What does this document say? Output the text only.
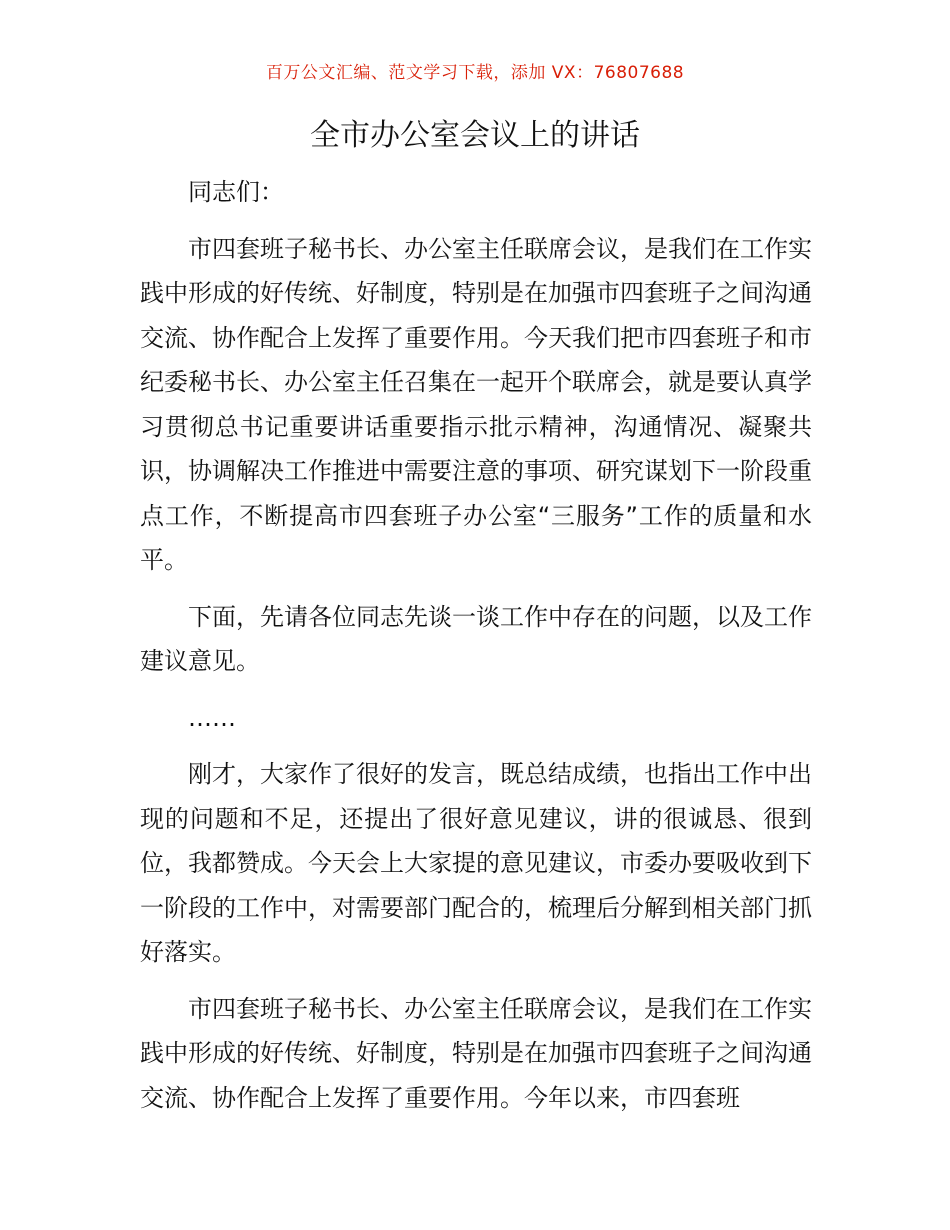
百万公文汇编、范文学习下载，添加 VX：76807688
全市办公室会议上的讲话

同志们：

市四套班子秘书长、办公室主任联席会议，是我们在工作实践中形成的好传统、好制度，特别是在加强市四套班子之间沟通交流、协作配合上发挥了重要作用。今天我们把市四套班子和市纪委秘书长、办公室主任召集在一起开个联席会，就是要认真学习贯彻总书记重要讲话重要指示批示精神，沟通情况、凝聚共识，协调解决工作推进中需要注意的事项、研究谋划下一阶段重点工作，不断提高市四套班子办公室“三服务”工作的质量和水平。

下面，先请各位同志先谈一谈工作中存在的问题，以及工作建议意见。

……

刚才，大家作了很好的发言，既总结成绩，也指出工作中出现的问题和不足，还提出了很好意见建议，讲的很诚恳、很到位，我都赞成。今天会上大家提的意见建议，市委办要吸收到下一阶段的工作中，对需要部门配合的，梳理后分解到相关部门抓好落实。

市四套班子秘书长、办公室主任联席会议，是我们在工作实践中形成的好传统、好制度，特别是在加强市四套班子之间沟通交流、协作配合上发挥了重要作用。今年以来，市四套班
